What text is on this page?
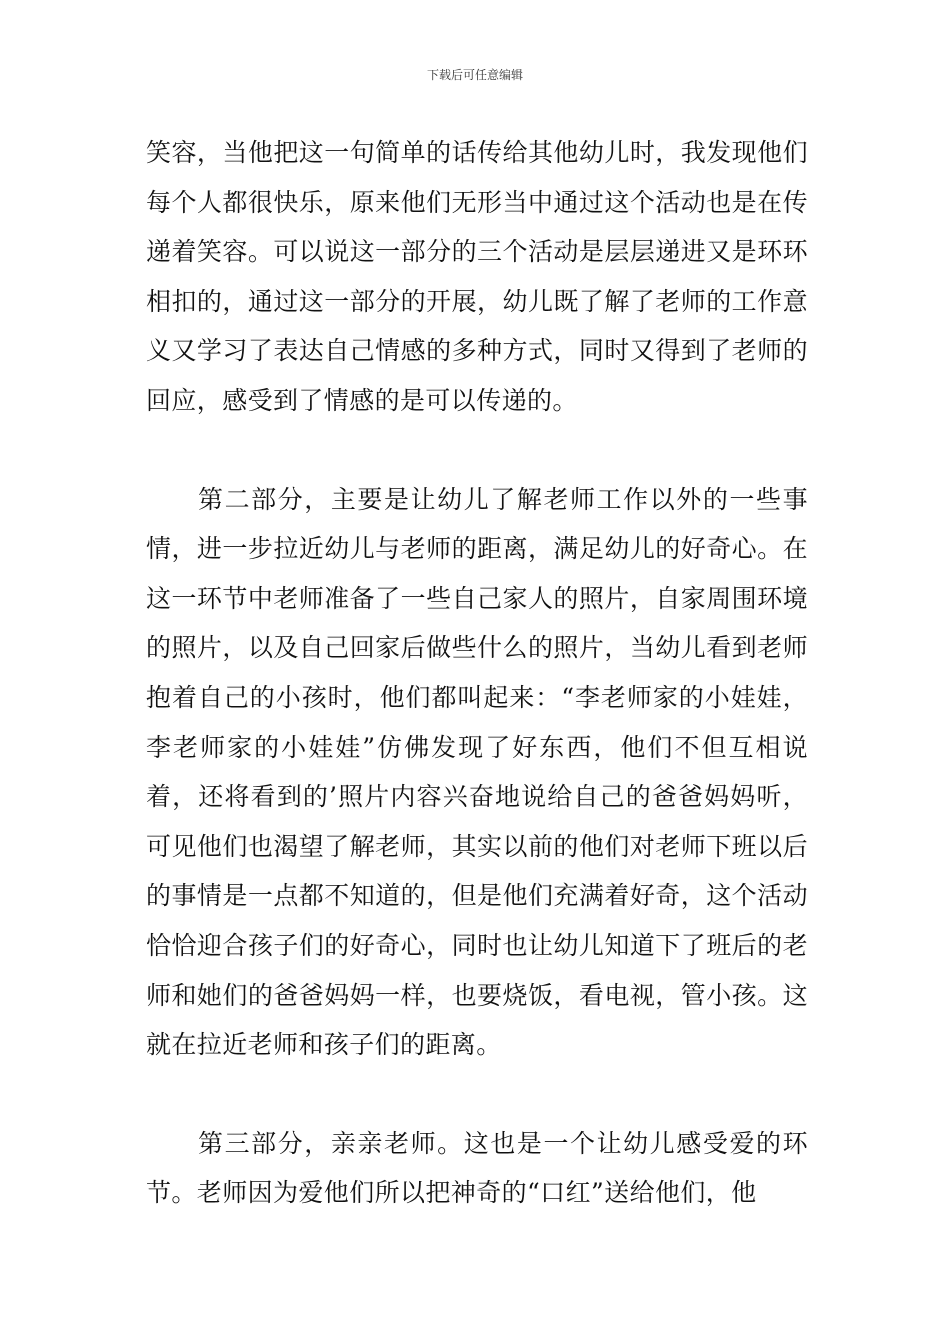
下载后可任意编辑

笑容，当他把这一句简单的话传给其他幼儿时，我发现他们每个人都很快乐，原来他们无形当中通过这个活动也是在传递着笑容。可以说这一部分的三个活动是层层递进又是环环相扣的，通过这一部分的开展，幼儿既了解了老师的工作意义又学习了表达自己情感的多种方式，同时又得到了老师的回应，感受到了情感的是可以传递的。

第二部分，主要是让幼儿了解老师工作以外的一些事情，进一步拉近幼儿与老师的距离，满足幼儿的好奇心。在这一环节中老师准备了一些自己家人的照片，自家周围环境的照片，以及自己回家后做些什么的照片，当幼儿看到老师抱着自己的小孩时，他们都叫起来：“李老师家的小娃娃，李老师家的小娃娃”仿佛发现了好东西，他们不但互相说着，还将看到的’照片内容兴奋地说给自己的爸爸妈妈听，可见他们也渴望了解老师，其实以前的他们对老师下班以后的事情是一点都不知道的，但是他们充满着好奇，这个活动恰恰迎合孩子们的好奇心，同时也让幼儿知道下了班后的老师和她们的爸爸妈妈一样，也要烧饭，看电视，管小孩。这就在拉近老师和孩子们的距离。

第三部分，亲亲老师。这也是一个让幼儿感受爱的环节。老师因为爱他们所以把神奇的“口红”送给他们，他
